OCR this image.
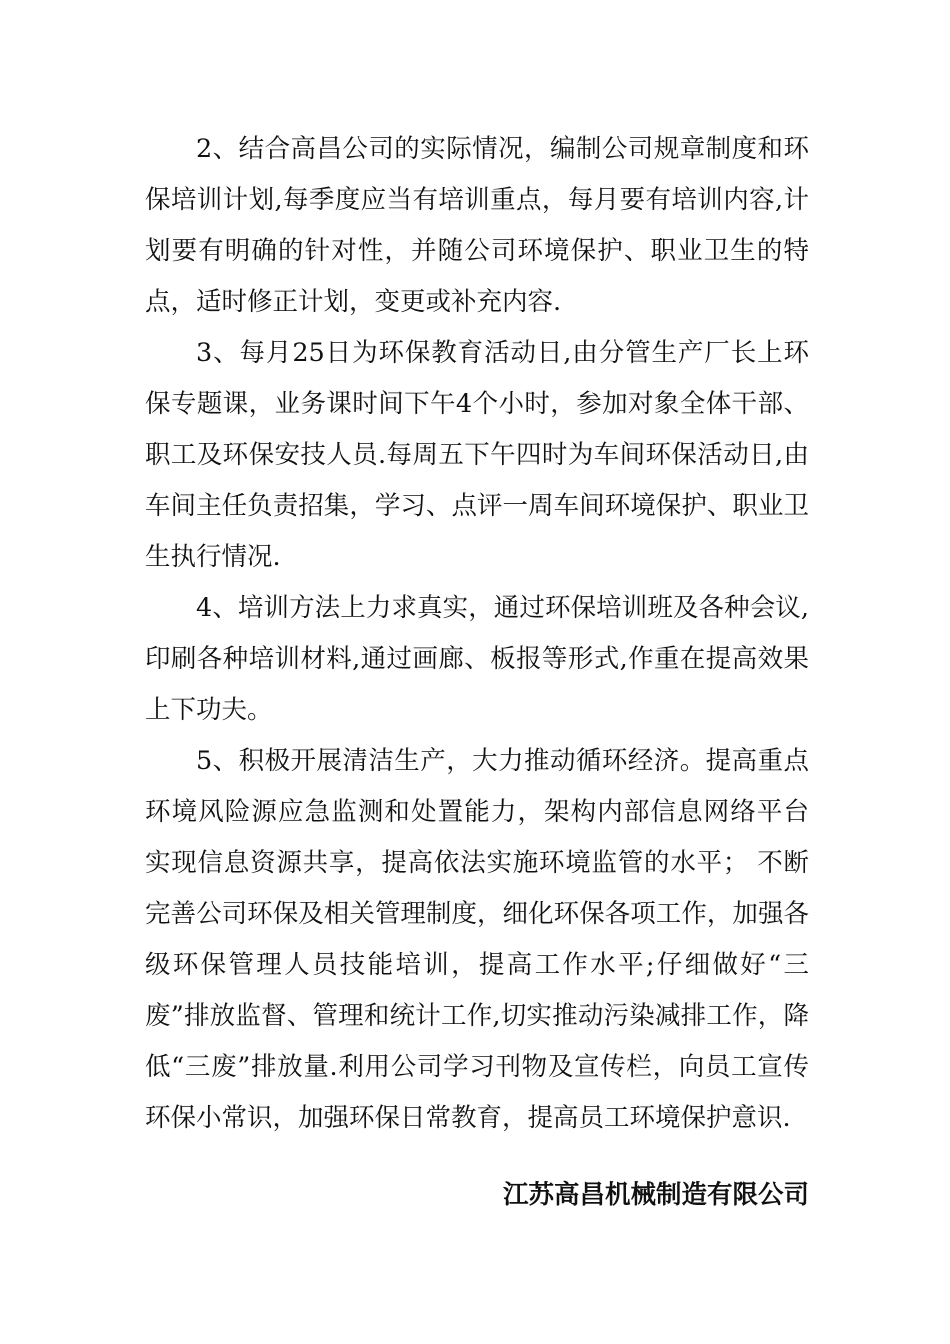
2、结合高昌公司的实际情况，编制公司规章制度和环保培训计划,每季度应当有培训重点，每月要有培训内容,计划要有明确的针对性，并随公司环境保护、职业卫生的特点，适时修正计划，变更或补充内容.

3、每月25日为环保教育活动日,由分管生产厂长上环保专题课，业务课时间下午4个小时，参加对象全体干部、职工及环保安技人员.每周五下午四时为车间环保活动日,由车间主任负责招集，学习、点评一周车间环境保护、职业卫生执行情况.

4、培训方法上力求真实，通过环保培训班及各种会议,印刷各种培训材料,通过画廊、板报等形式,作重在提高效果上下功夫。

5、积极开展清洁生产，大力推动循环经济。提高重点环境风险源应急监测和处置能力，架构内部信息网络平台 实现信息资源共享，提高依法实施环境监管的水平； 不断完善公司环保及相关管理制度，细化环保各项工作，加强各级环保管理人员技能培训，提高工作水平;仔细做好“三废”排放监督、管理和统计工作,切实推动污染减排工作，降低“三废”排放量.利用公司学习刊物及宣传栏，向员工宣传环保小常识，加强环保日常教育，提高员工环境保护意识.

江苏高昌机械制造有限公司
